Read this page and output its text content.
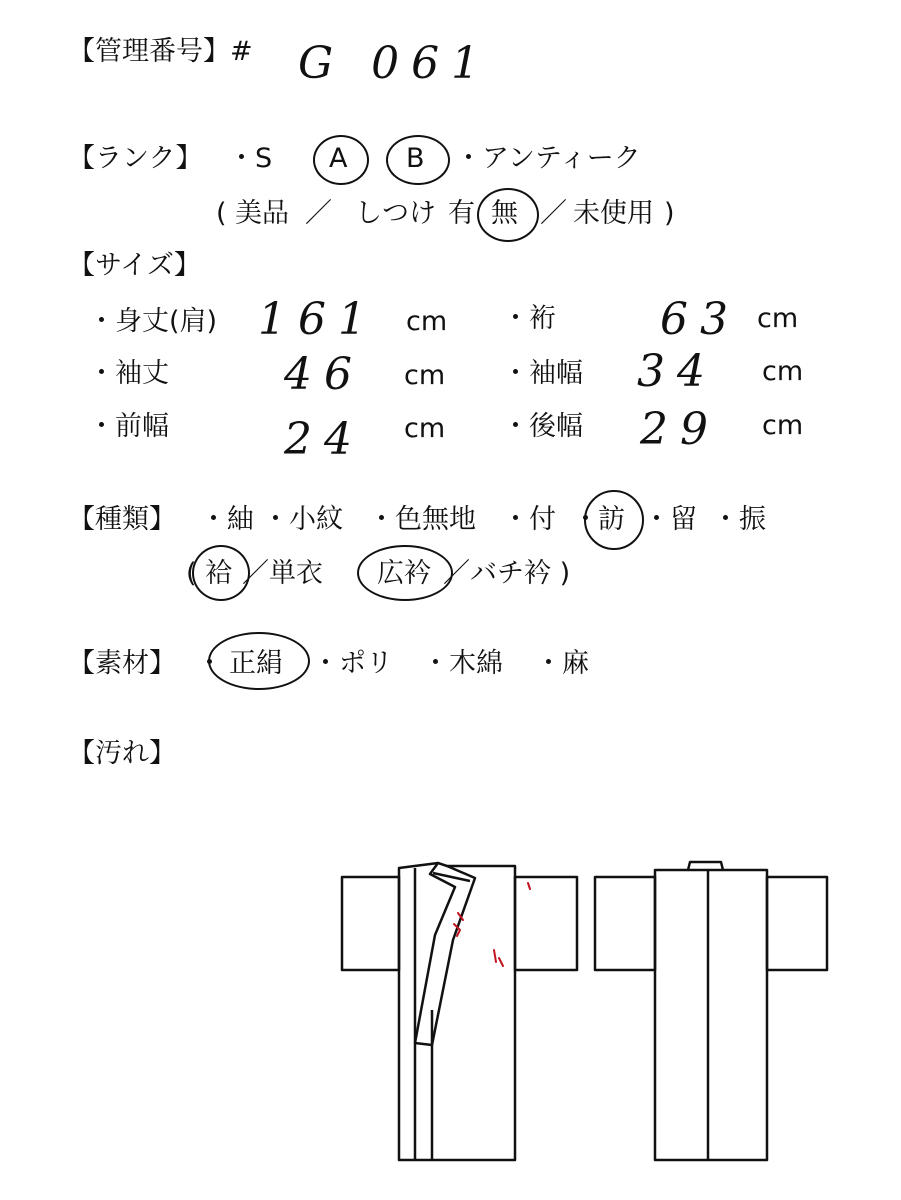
【管理番号】# G 061
【ランク】 ・S A B ・アンティーク
( 美品 ／ しつけ 有 無 ／ 未使用 )
【サイズ】
・身丈(肩) 161 cm ・裄 63 cm
・袖丈	46 cm ・袖幅 34 cm
・前幅	24 cm ・後幅 29 cm
【種類】 ・紬 ・小紋 ・色無地 ・付 ・ 訪 ・留 ・振
( 袷 ／単衣 広衿 ／バチ衿 )
【素材】 ・ 正絹 ・ポリ ・木綿 ・麻
【汚れ】
